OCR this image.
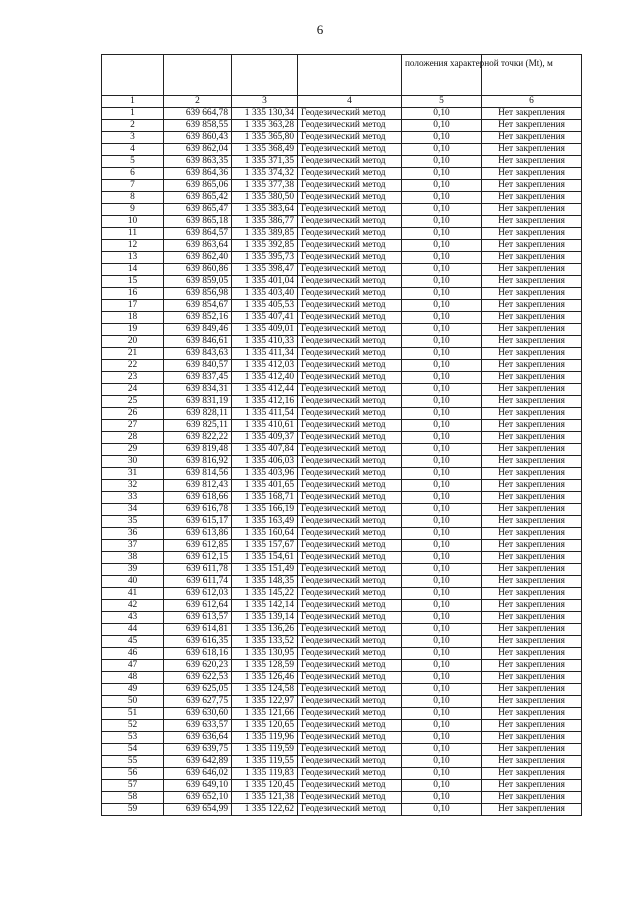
6
				положения характерной точки (Мt), м	
1	2	3	4	5	6
1	639 664,78	1 335 130,34	Геодезический метод	0,10	Нет закрепления
2	639 858,55	1 335 363,28	Геодезический метод	0,10	Нет закрепления
3	639 860,43	1 335 365,80	Геодезический метод	0,10	Нет закрепления
4	639 862,04	1 335 368,49	Геодезический метод	0,10	Нет закрепления
5	639 863,35	1 335 371,35	Геодезический метод	0,10	Нет закрепления
6	639 864,36	1 335 374,32	Геодезический метод	0,10	Нет закрепления
7	639 865,06	1 335 377,38	Геодезический метод	0,10	Нет закрепления
8	639 865,42	1 335 380,50	Геодезический метод	0,10	Нет закрепления
9	639 865,47	1 335 383,64	Геодезический метод	0,10	Нет закрепления
10	639 865,18	1 335 386,77	Геодезический метод	0,10	Нет закрепления
11	639 864,57	1 335 389,85	Геодезический метод	0,10	Нет закрепления
12	639 863,64	1 335 392,85	Геодезический метод	0,10	Нет закрепления
13	639 862,40	1 335 395,73	Геодезический метод	0,10	Нет закрепления
14	639 860,86	1 335 398,47	Геодезический метод	0,10	Нет закрепления
15	639 859,05	1 335 401,04	Геодезический метод	0,10	Нет закрепления
16	639 856,98	1 335 403,40	Геодезический метод	0,10	Нет закрепления
17	639 854,67	1 335 405,53	Геодезический метод	0,10	Нет закрепления
18	639 852,16	1 335 407,41	Геодезический метод	0,10	Нет закрепления
19	639 849,46	1 335 409,01	Геодезический метод	0,10	Нет закрепления
20	639 846,61	1 335 410,33	Геодезический метод	0,10	Нет закрепления
21	639 843,63	1 335 411,34	Геодезический метод	0,10	Нет закрепления
22	639 840,57	1 335 412,03	Геодезический метод	0,10	Нет закрепления
23	639 837,45	1 335 412,40	Геодезический метод	0,10	Нет закрепления
24	639 834,31	1 335 412,44	Геодезический метод	0,10	Нет закрепления
25	639 831,19	1 335 412,16	Геодезический метод	0,10	Нет закрепления
26	639 828,11	1 335 411,54	Геодезический метод	0,10	Нет закрепления
27	639 825,11	1 335 410,61	Геодезический метод	0,10	Нет закрепления
28	639 822,22	1 335 409,37	Геодезический метод	0,10	Нет закрепления
29	639 819,48	1 335 407,84	Геодезический метод	0,10	Нет закрепления
30	639 816,92	1 335 406,03	Геодезический метод	0,10	Нет закрепления
31	639 814,56	1 335 403,96	Геодезический метод	0,10	Нет закрепления
32	639 812,43	1 335 401,65	Геодезический метод	0,10	Нет закрепления
33	639 618,66	1 335 168,71	Геодезический метод	0,10	Нет закрепления
34	639 616,78	1 335 166,19	Геодезический метод	0,10	Нет закрепления
35	639 615,17	1 335 163,49	Геодезический метод	0,10	Нет закрепления
36	639 613,86	1 335 160,64	Геодезический метод	0,10	Нет закрепления
37	639 612,85	1 335 157,67	Геодезический метод	0,10	Нет закрепления
38	639 612,15	1 335 154,61	Геодезический метод	0,10	Нет закрепления
39	639 611,78	1 335 151,49	Геодезический метод	0,10	Нет закрепления
40	639 611,74	1 335 148,35	Геодезический метод	0,10	Нет закрепления
41	639 612,03	1 335 145,22	Геодезический метод	0,10	Нет закрепления
42	639 612,64	1 335 142,14	Геодезический метод	0,10	Нет закрепления
43	639 613,57	1 335 139,14	Геодезический метод	0,10	Нет закрепления
44	639 614,81	1 335 136,26	Геодезический метод	0,10	Нет закрепления
45	639 616,35	1 335 133,52	Геодезический метод	0,10	Нет закрепления
46	639 618,16	1 335 130,95	Геодезический метод	0,10	Нет закрепления
47	639 620,23	1 335 128,59	Геодезический метод	0,10	Нет закрепления
48	639 622,53	1 335 126,46	Геодезический метод	0,10	Нет закрепления
49	639 625,05	1 335 124,58	Геодезический метод	0,10	Нет закрепления
50	639 627,75	1 335 122,97	Геодезический метод	0,10	Нет закрепления
51	639 630,60	1 335 121,66	Геодезический метод	0,10	Нет закрепления
52	639 633,57	1 335 120,65	Геодезический метод	0,10	Нет закрепления
53	639 636,64	1 335 119,96	Геодезический метод	0,10	Нет закрепления
54	639 639,75	1 335 119,59	Геодезический метод	0,10	Нет закрепления
55	639 642,89	1 335 119,55	Геодезический метод	0,10	Нет закрепления
56	639 646,02	1 335 119,83	Геодезический метод	0,10	Нет закрепления
57	639 649,10	1 335 120,45	Геодезический метод	0,10	Нет закрепления
58	639 652,10	1 335 121,38	Геодезический метод	0,10	Нет закрепления
59	639 654,99	1 335 122,62	Геодезический метод	0,10	Нет закрепления
